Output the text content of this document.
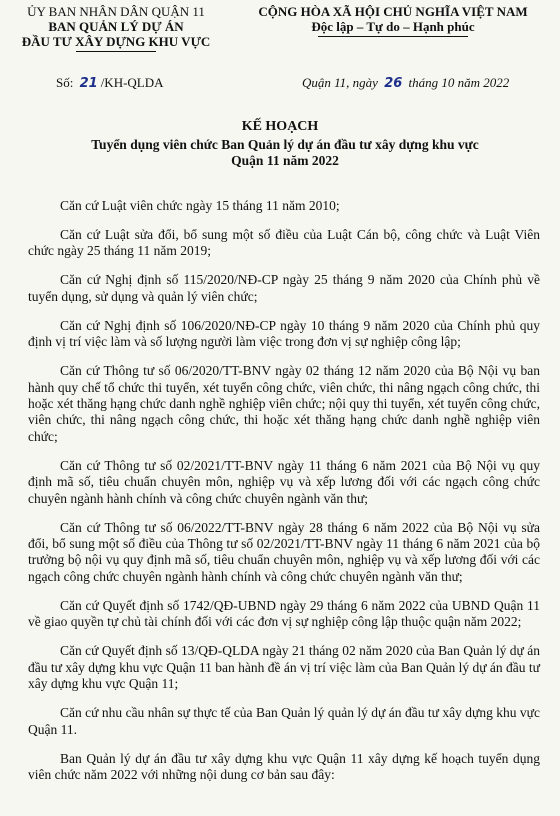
ỦY BAN NHÂN DÂN QUẬN 11
BAN QUẢN LÝ DỰ ÁN
ĐẦU TƯ XÂY DỰNG KHU VỰC
CỘNG HÒA XÃ HỘI CHỦ NGHĨA VIỆT NAM
Độc lập – Tự do – Hạnh phúc
Số: 21 /KH-QLDA	Quận 11, ngày 26 tháng 10 năm 2022
KẾ HOẠCH
Tuyển dụng viên chức Ban Quản lý dự án đầu tư xây dựng khu vực Quận 11 năm 2022

Căn cứ Luật viên chức ngày 15 tháng 11 năm 2010;

Căn cứ Luật sửa đổi, bổ sung một số điều của Luật Cán bộ, công chức và Luật Viên chức ngày 25 tháng 11 năm 2019;

Căn cứ Nghị định số 115/2020/NĐ-CP ngày 25 tháng 9 năm 2020 của Chính phủ về tuyển dụng, sử dụng và quản lý viên chức;

Căn cứ Nghị định số 106/2020/NĐ-CP ngày 10 tháng 9 năm 2020 của Chính phủ quy định vị trí việc làm và số lượng người làm việc trong đơn vị sự nghiệp công lập;

Căn cứ Thông tư số 06/2020/TT-BNV ngày 02 tháng 12 năm 2020 của Bộ Nội vụ ban hành quy chế tổ chức thi tuyển, xét tuyển công chức, viên chức, thi nâng ngạch công chức, thi hoặc xét thăng hạng chức danh nghề nghiệp viên chức; nội quy thi tuyển, xét tuyển công chức, viên chức, thi nâng ngạch công chức, thi hoặc xét thăng hạng chức danh nghề nghiệp viên chức;

Căn cứ Thông tư số 02/2021/TT-BNV ngày 11 tháng 6 năm 2021 của Bộ Nội vụ quy định mã số, tiêu chuẩn chuyên môn, nghiệp vụ và xếp lương đối với các ngạch công chức chuyên ngành hành chính và công chức chuyên ngành văn thư;

Căn cứ Thông tư số 06/2022/TT-BNV ngày 28 tháng 6 năm 2022 của Bộ Nội vụ sửa đổi, bổ sung một số điều của Thông tư số 02/2021/TT-BNV ngày 11 tháng 6 năm 2021 của bộ trưởng bộ nội vụ quy định mã số, tiêu chuẩn chuyên môn, nghiệp vụ và xếp lương đối với các ngạch công chức chuyên ngành hành chính và công chức chuyên ngành văn thư;

Căn cứ Quyết định số 1742/QĐ-UBND ngày 29 tháng 6 năm 2022 của UBND Quận 11 về giao quyền tự chủ tài chính đối với các đơn vị sự nghiệp công lập thuộc quận năm 2022;

Căn cứ Quyết định số 13/QĐ-QLDA ngày 21 tháng 02 năm 2020 của Ban Quản lý dự án đầu tư xây dựng khu vực Quận 11 ban hành đề án vị trí việc làm của Ban Quản lý dự án đầu tư xây dựng khu vực Quận 11;

Căn cứ nhu cầu nhân sự thực tế của Ban Quản lý quản lý dự án đầu tư xây dựng khu vực Quận 11.

Ban Quản lý dự án đầu tư xây dựng khu vực Quận 11 xây dựng kế hoạch tuyển dụng viên chức năm 2022 với những nội dung cơ bản sau đây:
